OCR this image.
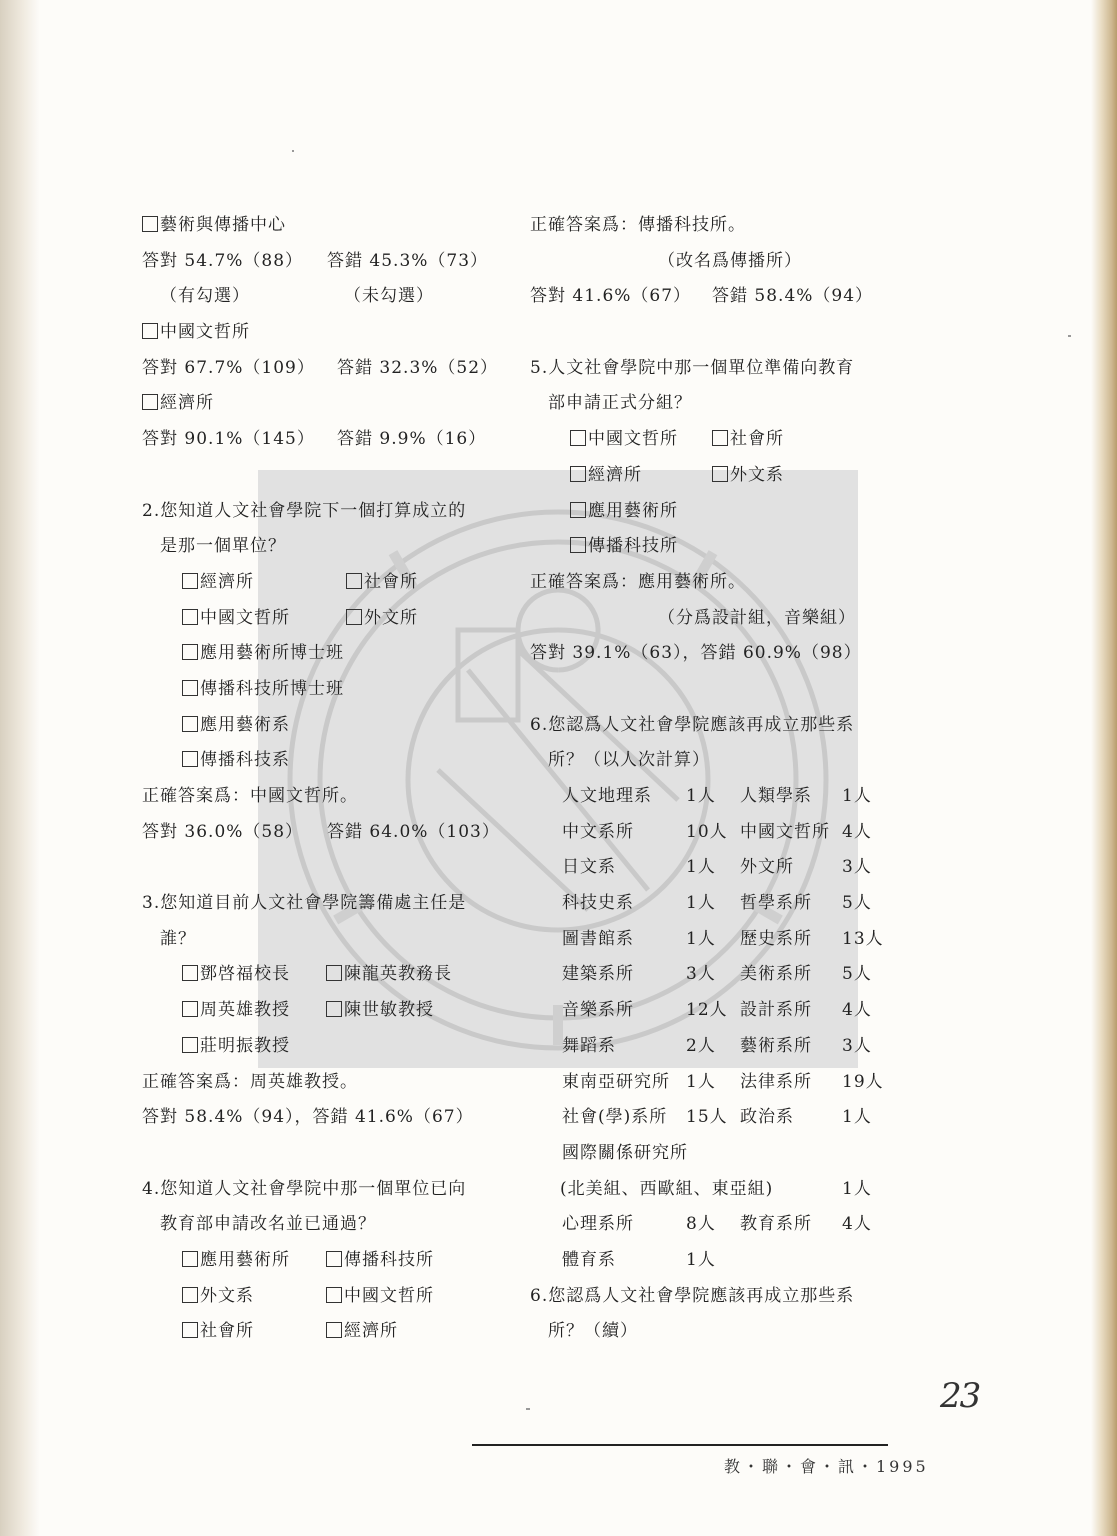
藝術與傳播中心
答對 54.7%（88） 答錯 45.3%（73）
（有勾選）	（未勾選）
中國文哲所
答對 67.7%（109） 答錯 32.3%（52）
經濟所
答對 90.1%（145） 答錯 9.9%（16）
2.您知道人文社會學院下一個打算成立的
是那一個單位？
經濟所	社會所
中國文哲所	外文所
應用藝術所博士班
傳播科技所博士班
應用藝術系
傳播科技系
正確答案爲：中國文哲所。
答對 36.0%（58） 答錯 64.0%（103）
3.您知道目前人文社會學院籌備處主任是
誰？
鄧啓福校長	陳龍英教務長
周英雄教授	陳世敏教授
莊明振教授
正確答案爲：周英雄教授。
答對 58.4%（94），答錯 41.6%（67）
4.您知道人文社會學院中那一個單位已向
教育部申請改名並已通過？
應用藝術所	傳播科技所
外文系	中國文哲所
社會所	經濟所
正確答案爲：傳播科技所。
（改名爲傳播所）
答對 41.6%（67） 答錯 58.4%（94）
5.人文社會學院中那一個單位準備向教育
部申請正式分組？
中國文哲所	社會所
經濟所	外文系
應用藝術所
傳播科技所
正確答案爲：應用藝術所。
（分爲設計組，音樂組）
答對 39.1%（63），答錯 60.9%（98）
6.您認爲人文社會學院應該再成立那些系
所？（以人次計算）
人文地理系 1人 人類學系 1人
中文系所	10人 中國文哲所 4人
日文系	1人 外文所	3人
科技史系	1人 哲學系所 5人
圖書館系	1人 歷史系所 13人
建築系所	3人 美術系所 5人
音樂系所	12人 設計系所 4人
舞蹈系	2人 藝術系所 3人
東南亞研究所 1人 法律系所 19人
社會(學)系所 15人 政治系	1人
國際關係研究所
(北美組、西歐組、東亞組)	1人
心理系所	8人 教育系所 4人
體育系	1人
6.您認爲人文社會學院應該再成立那些系
所？（續）
23
教・聯・會・訊・1995
